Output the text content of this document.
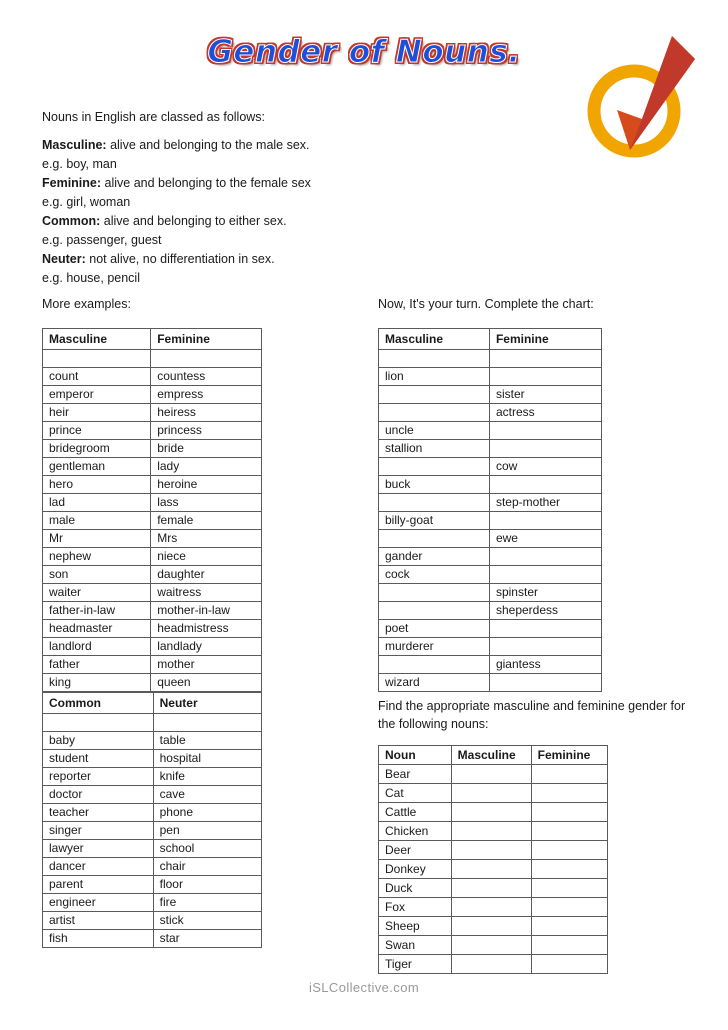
Gender of Nouns.

Nouns in English are classed as follows:

Masculine: alive and belonging to the male sex.

e.g. boy, man

Feminine: alive and belonging to the female sex

e.g. girl, woman

Common: alive and belonging to either sex.

e.g. passenger, guest

Neuter: not alive, no differentiation in sex.

e.g. house, pencil

More examples:	Now, It's your turn. Complete the chart:
Find the appropriate masculine and feminine gender for the following nouns:
Masculine	Feminine

count	countess
emperor	empress
heir	heiress
prince	princess
bridegroom	bride
gentleman	lady
hero	heroine
lad	lass
male	female
Mr	Mrs
nephew	niece
son	daughter
waiter	waitress
father-in-law	mother-in-law
headmaster	headmistress
landlord	landlady
father	mother
king	queen
Common	Neuter

baby	table
student	hospital
reporter	knife
doctor	cave
teacher	phone
singer	pen
lawyer	school
dancer	chair
parent	floor
engineer	fire
artist	stick
fish	star
Masculine	Feminine

lion	
	sister
	actress
uncle	
stallion	
	cow
buck	
	step-mother
billy-goat	
	ewe
gander	
cock	
	spinster
	sheperdess
poet	
murderer	
	giantess
wizard	
Noun	Masculine	Feminine
Bear		
Cat		
Cattle		
Chicken		
Deer		
Donkey		
Duck		
Fox		
Sheep		
Swan		
Tiger		
iSLCollective.com
